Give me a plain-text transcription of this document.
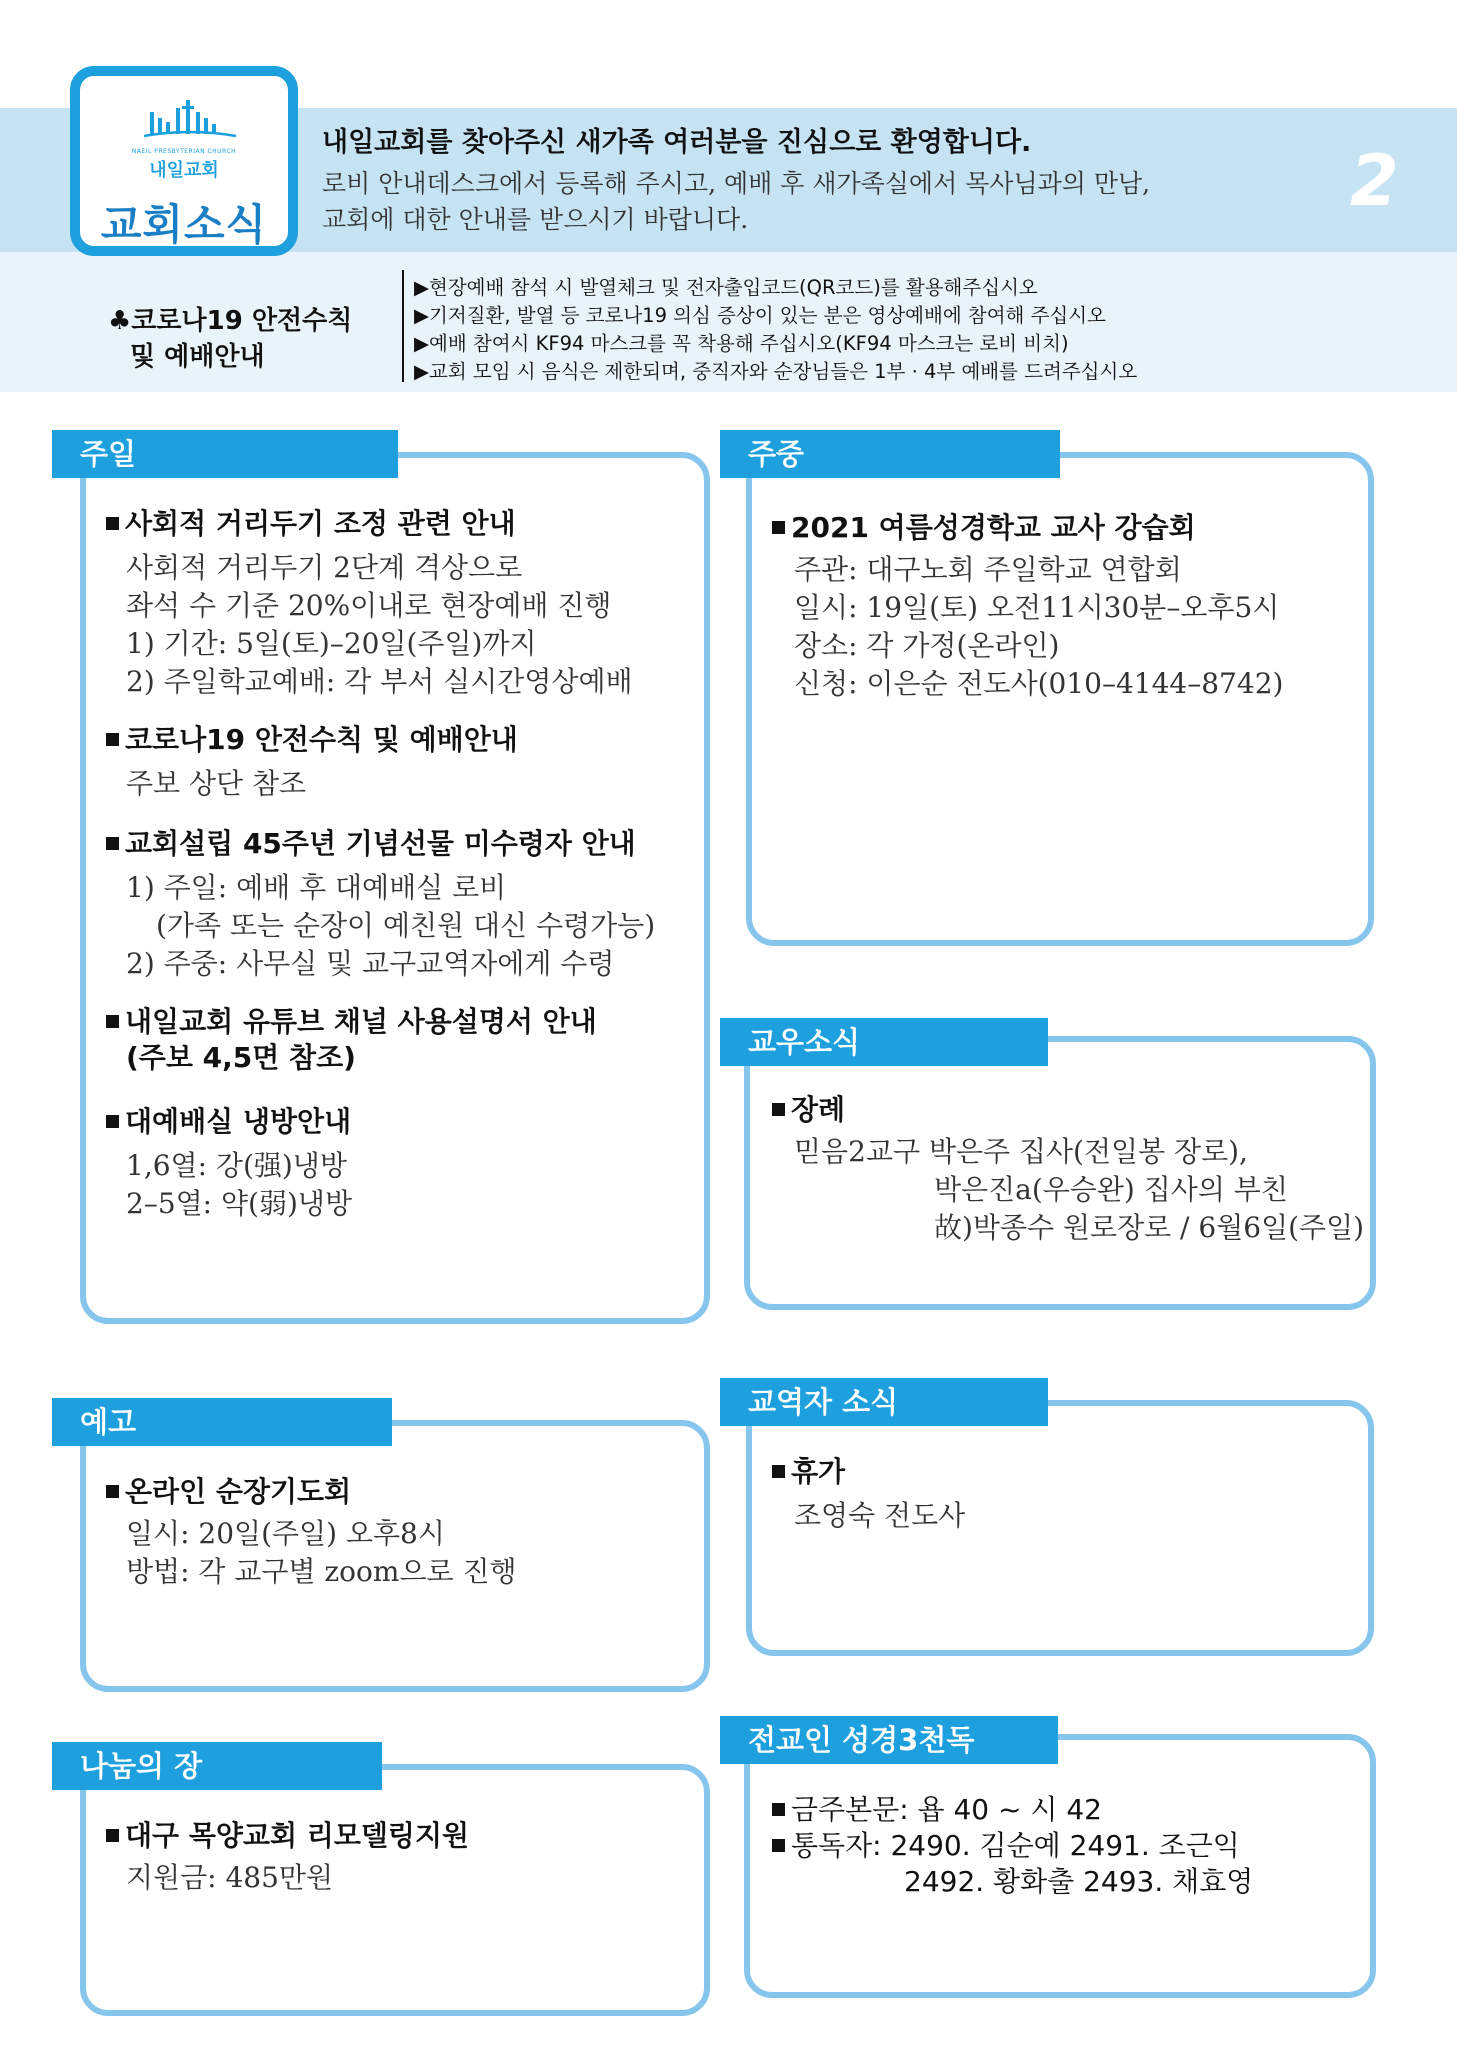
NAEIL PRESBYTERIAN CHURCH
내일교회
교회소식
내일교회를 찾아주신 새가족 여러분을 진심으로 환영합니다.
로비 안내데스크에서 등록해 주시고, 예배 후 새가족실에서 목사님과의 만남,
교회에 대한 안내를 받으시기 바랍니다.	2
♣코로나19 안전수칙
및 예배안내
▶현장예배 참석 시 발열체크 및 전자출입코드(QR코드)를 활용해주십시오
▶기저질환, 발열 등 코로나19 의심 증상이 있는 분은 영상예배에 참여해 주십시오
▶예배 참여시 KF94 마스크를 꼭 착용해 주십시오(KF94 마스크는 로비 비치)
▶교회 모임 시 음식은 제한되며, 중직자와 순장님들은 1부 · 4부 예배를 드려주십시오
주일
사회적 거리두기 조정 관련 안내
사회적 거리두기 2단계 격상으로
좌석 수 기준 20%이내로 현장예배 진행
1) 기간: 5일(토)–20일(주일)까지
2) 주일학교예배: 각 부서 실시간영상예배
코로나19 안전수칙 및 예배안내
주보 상단 참조
교회설립 45주년 기념선물 미수령자 안내
1) 주일: 예배 후 대예배실 로비
(가족 또는 순장이 예친원 대신 수령가능)
2) 주중: 사무실 및 교구교역자에게 수령
내일교회 유튜브 채널 사용설명서 안내
(주보 4,5면 참조)
대예배실 냉방안내
1,6열: 강(强)냉방
2–5열: 약(弱)냉방
주중
2021 여름성경학교 교사 강습회
주관: 대구노회 주일학교 연합회
일시: 19일(토) 오전11시30분–오후5시
장소: 각 가정(온라인)
신청: 이은순 전도사(010–4144–8742)
교우소식
장례
믿음2교구 박은주 집사(전일봉 장로),
박은진a(우승완) 집사의 부친
故)박종수 원로장로 / 6월6일(주일)
예고
온라인 순장기도회
일시: 20일(주일) 오후8시
방법: 각 교구별 zoom으로 진행
교역자 소식
휴가
조영숙 전도사
나눔의 장
대구 목양교회 리모델링지원
지원금: 485만원
전교인 성경3천독
금주본문: 욥 40 ~ 시 42
통독자: 2490. 김순예 2491. 조근익
2492. 황화출 2493. 채효영
